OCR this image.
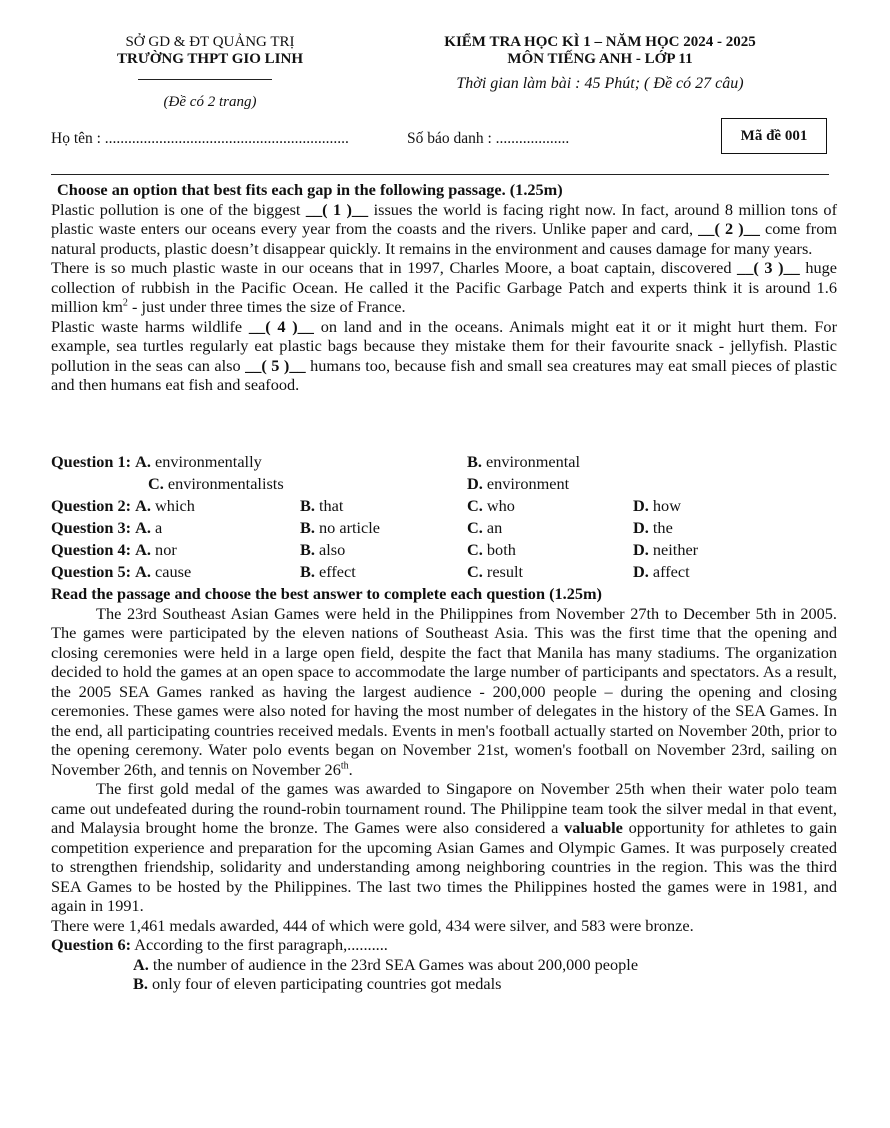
SỞ GD & ĐT QUẢNG TRỊ
TRƯỜNG THPT GIO LINH
(Đề có 2 trang)
KIỂM TRA HỌC KÌ 1 – NĂM HỌC 2024 - 2025
MÔN TIẾNG ANH - LỚP 11
Thời gian làm bài : 45 Phút; ( Đề có 27 câu)
Họ tên : ...............................................................	Số báo danh : ...................	Mã đề 001

Choose an option that best fits each gap in the following passage. (1.25m)

Plastic pollution is one of the biggest __( 1 )__ issues the world is facing right now. In fact, around 8 million tons of plastic waste enters our oceans every year from the coasts and the rivers. Unlike paper and card, __( 2 )__ come from natural products, plastic doesn’t disappear quickly. It remains in the environment and causes damage for many years.

There is so much plastic waste in our oceans that in 1997, Charles Moore, a boat captain, discovered __( 3 )__ huge collection of rubbish in the Pacific Ocean. He called it the Pacific Garbage Patch and experts think it is around 1.6 million $km^2$ - just under three times the size of France.

Plastic waste harms wildlife __( 4 )__ on land and in the oceans. Animals might eat it or it might hurt them. For example, sea turtles regularly eat plastic bags because they mistake them for their favourite snack - jellyfish. Plastic pollution in the seas can also __( 5 )__ humans too, because fish and small sea creatures may eat small pieces of plastic and then humans eat fish and seafood.

Question 1: A. environmentally	B. environmental
C. environmentalists	D. environment
Question 2: A. which	B. that	C. who	D. how
Question 3: A. a	B. no article	C. an	D. the
Question 4: A. nor	B. also	C. both	D. neither
Question 5: A. cause	B. effect	C. result	D. affect

Read the passage and choose the best answer to complete each question (1.25m)

The 23rd Southeast Asian Games were held in the Philippines from November 27th to December 5th in 2005. The games were participated by the eleven nations of Southeast Asia. This was the first time that the opening and closing ceremonies were held in a large open field, despite the fact that Manila has many stadiums. The organization decided to hold the games at an open space to accommodate the large number of participants and spectators. As a result, the 2005 SEA Games ranked as having the largest audience - 200,000 people – during the opening and closing ceremonies. These games were also noted for having the most number of delegates in the history of the SEA Games. In the end, all participating countries received medals. Events in men's football actually started on November 20th, prior to the opening ceremony. Water polo events began on November 21st, women's football on November 23rd, sailing on November 26th, and tennis on November 26th.

The first gold medal of the games was awarded to Singapore on November 25th when their water polo team came out undefeated during the round-robin tournament round. The Philippine team took the silver medal in that event, and Malaysia brought home the bronze. The Games were also considered a valuable opportunity for athletes to gain competition experience and preparation for the upcoming Asian Games and Olympic Games. It was purposely created to strengthen friendship, solidarity and understanding among neighboring countries in the region. This was the third SEA Games to be hosted by the Philippines. The last two times the Philippines hosted the games were in 1981, and again in 1991.

There were 1,461 medals awarded, 444 of which were gold, 434 were silver, and 583 were bronze.

Question 6: According to the first paragraph,..........

A. the number of audience in the 23rd SEA Games was about 200,000 people

B. only four of eleven participating countries got medals
